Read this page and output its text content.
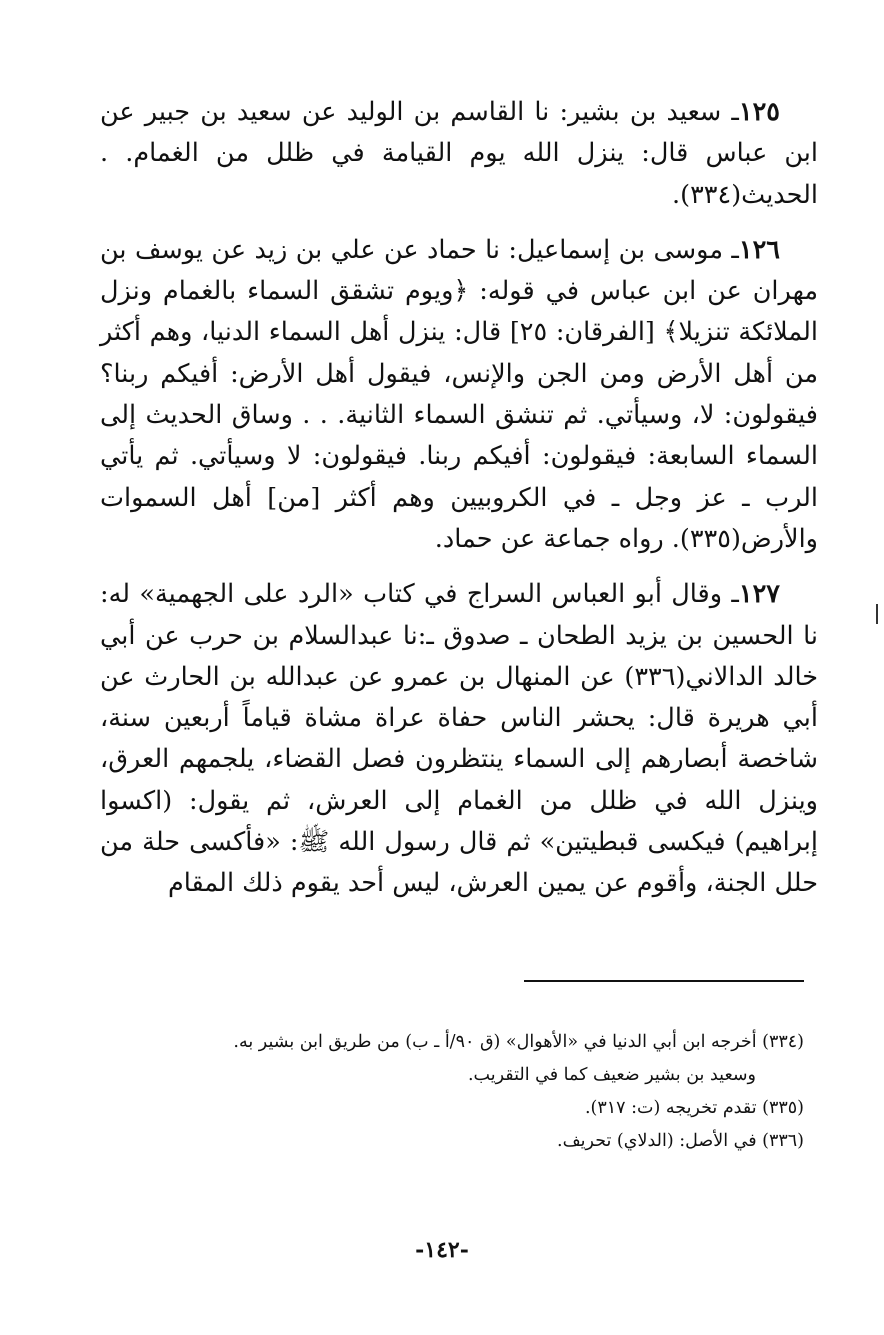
١٢٥ـ سعيد بن بشير: نا القاسم بن الوليد عن سعيد بن جبير عن ابن عباس قال: ينزل الله يوم القيامة في ظلل من الغمام. . الحديث(٣٣٤).

١٢٦ـ موسى بن إسماعيل: نا حماد عن علي بن زيد عن يوسف بن مهران عن ابن عباس في قوله: ﴿ويوم تشقق السماء بالغمام ونزل الملائكة تنزيلا﴾ [الفرقان: ٢٥] قال: ينزل أهل السماء الدنيا، وهم أكثر من أهل الأرض ومن الجن والإنس، فيقول أهل الأرض: أفيكم ربنا؟ فيقولون: لا، وسيأتي. ثم تنشق السماء الثانية. . . وساق الحديث إلى السماء السابعة: فيقولون: أفيكم ربنا. فيقولون: لا وسيأتي. ثم يأتي الرب ـ عز وجل ـ في الكروبيين وهم أكثر [من] أهل السموات والأرض(٣٣٥). رواه جماعة عن حماد.

١٢٧ـ وقال أبو العباس السراج في كتاب «الرد على الجهمية» له: نا الحسين بن يزيد الطحان ـ صدوق ـ:نا عبدالسلام بن حرب عن أبي خالد الدالاني(٣٣٦) عن المنهال بن عمرو عن عبدالله بن الحارث عن أبي هريرة قال: يحشر الناس حفاة عراة مشاة قياماً أربعين سنة، شاخصة أبصارهم إلى السماء ينتظرون فصل القضاء، يلجمهم العرق، وينزل الله في ظلل من الغمام إلى العرش، ثم يقول: (اكسوا إبراهيم) فيكسى قبطيتين» ثم قال رسول الله ﷺ: «فأكسى حلة من حلل الجنة، وأقوم عن يمين العرش، ليس أحد يقوم ذلك المقام

(٣٣٤) أخرجه ابن أبي الدنيا في «الأهوال» (ق ٩٠/أ ـ ب) من طريق ابن بشير به.

وسعيد بن بشير ضعيف كما في التقريب.

(٣٣٥) تقدم تخريجه (ت: ٣١٧).

(٣٣٦) في الأصل: (الدلاي) تحريف.

-١٤٢-
